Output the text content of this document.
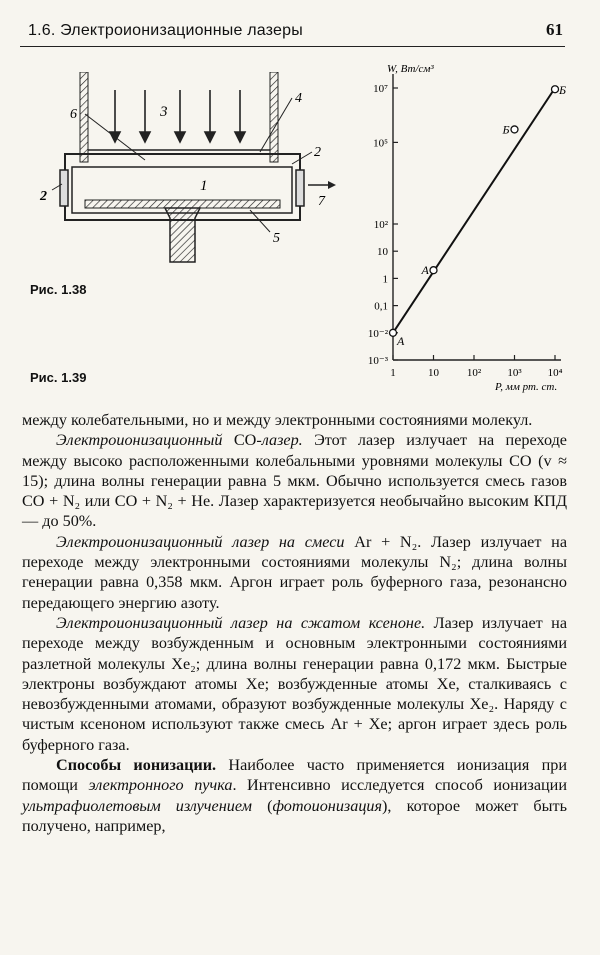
1.6. Электроионизационные лазеры	61
6	3
4
2
1
2	7
5
Рис. 1.38
Рис. 1.39	1	10	10² 10³ 10⁴
10⁻³
10⁻²
0,1
1
10
10²
10⁵
10⁷
A
A
Б
Б
W, Вт/см³
P, мм рт. ст.

между колебательными, но и между электронными состояниями молекул.

Электроионизационный СО-лазер. Этот лазер излучает на переходе между высоко расположенными колебальными уровнями молекулы СО (v ≈ 15); длина волны генерации равна 5 мкм. Обычно используется смесь газов СО + N₂ или СО + N₂ + Не. Лазер характеризуется необычайно высоким КПД — до 50%.

Электроионизационный лазер на смеси Ar + N₂. Лазер излучает на переходе между электронными состояниями молекулы N₂; длина волны генерации равна 0,358 мкм. Аргон играет роль буферного газа, резонансно передающего энергию азоту.

Электроионизационный лазер на сжатом ксеноне. Лазер излучает на переходе между возбужденным и основным электронными состояниями разлетной молекулы Xe₂; длина волны генерации равна 0,172 мкм. Быстрые электроны возбуждают атомы Xe; возбужденные атомы Xe, сталкиваясь с невозбужденными атомами, образуют возбужденные молекулы Xe₂. Наряду с чистым ксеноном используют также смесь Ar + Xe; аргон играет здесь роль буферного газа.

Способы ионизации. Наиболее часто применяется ионизация при помощи электронного пучка. Интенсивно исследуется способ ионизации ультрафиолетовым излучением (фотоионизация), которое может быть получено, например,
